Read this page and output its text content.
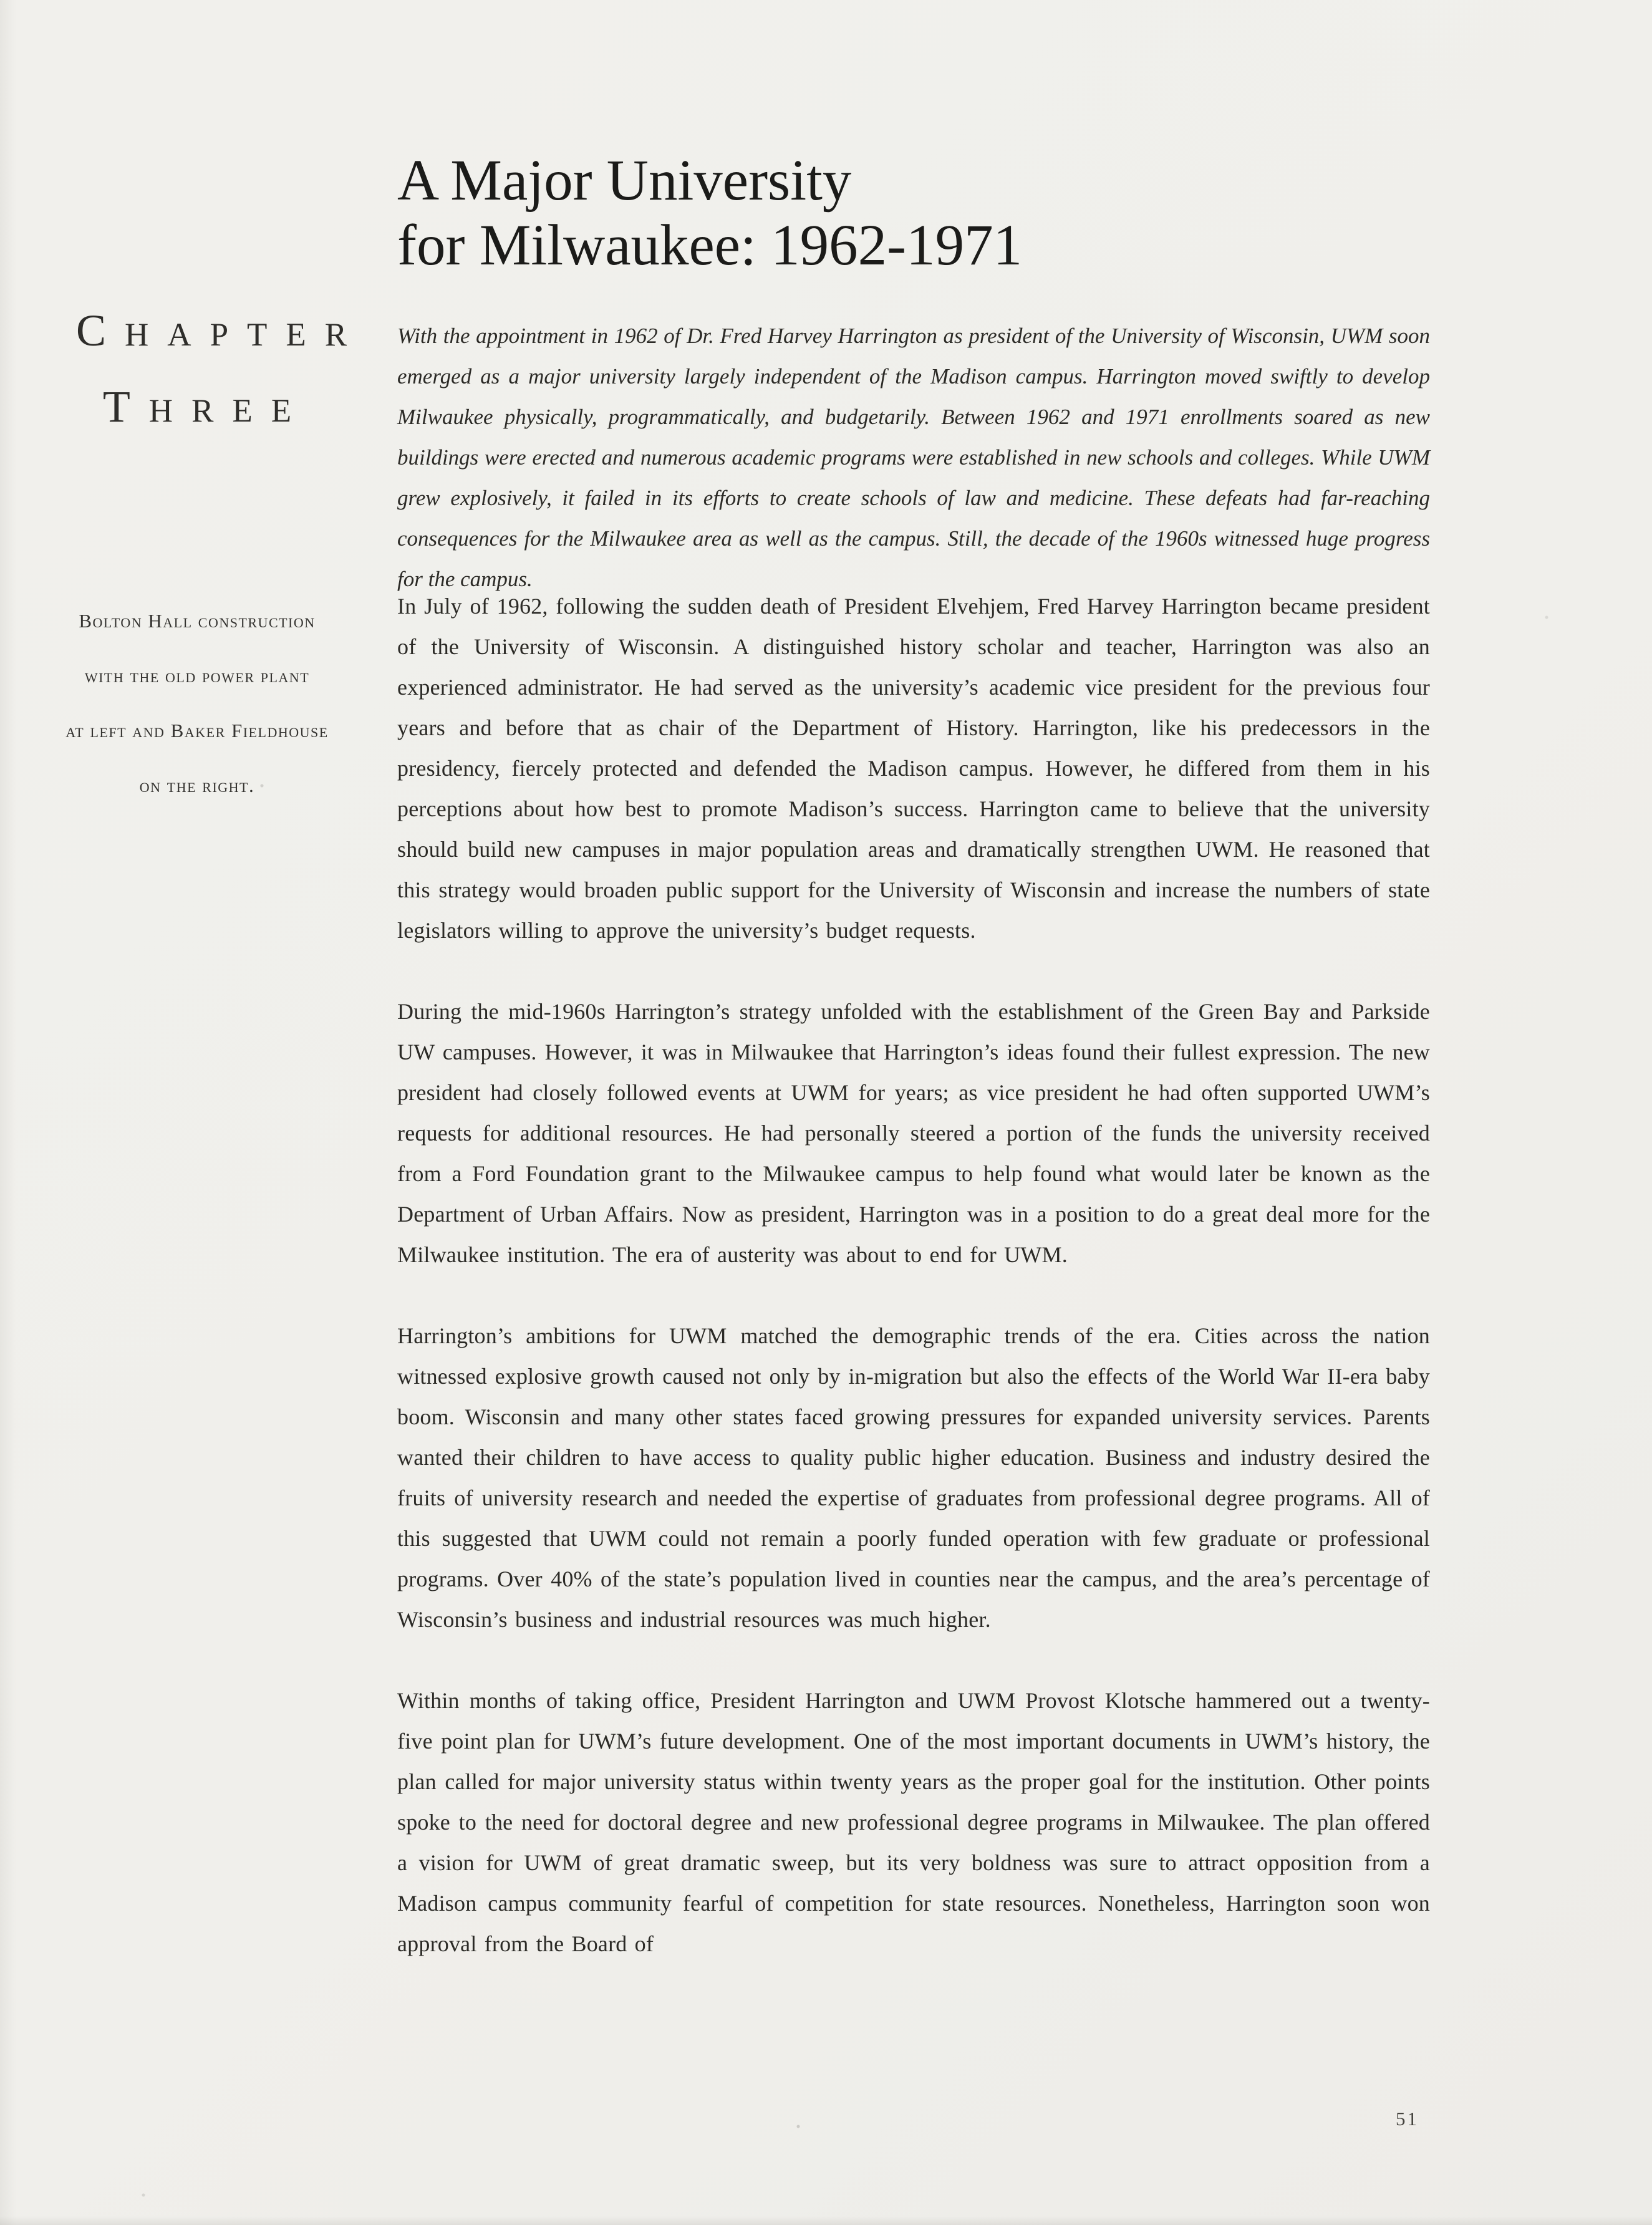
A Major University
for Milwaukee: 1962-1971
CHAPTER
THREE
Bolton Hall construction
with the old power plant
at left and Baker Fieldhouse
on the right.
With the appointment in 1962 of Dr. Fred Harvey Harrington as president of the University of Wisconsin, UWM soon emerged as a major university largely independent of the Madison campus. Harrington moved swiftly to develop Milwaukee physically, programmatically, and budgetarily. Between 1962 and 1971 enrollments soared as new buildings were erected and numerous academic programs were established in new schools and colleges. While UWM grew explosively, it failed in its efforts to create schools of law and medicine. These defeats had far-reaching consequences for the Milwaukee area as well as the campus. Still, the decade of the 1960s witnessed huge progress for the campus.

In July of 1962, following the sudden death of President Elvehjem, Fred Harvey Harrington became president of the University of Wisconsin. A distinguished history scholar and teacher, Harrington was also an experienced administrator. He had served as the university’s academic vice president for the previous four years and before that as chair of the Department of History. Harrington, like his predecessors in the presidency, fiercely protected and defended the Madison campus. However, he differed from them in his perceptions about how best to promote Madison’s success. Harrington came to believe that the university should build new campuses in major population areas and dramatically strengthen UWM. He reasoned that this strategy would broaden public support for the University of Wisconsin and increase the numbers of state legislators willing to approve the university’s budget requests.

During the mid-1960s Harrington’s strategy unfolded with the establishment of the Green Bay and Parkside UW campuses. However, it was in Milwaukee that Harrington’s ideas found their fullest expression. The new president had closely followed events at UWM for years; as vice president he had often supported UWM’s requests for additional resources. He had personally steered a portion of the funds the university received from a Ford Foundation grant to the Milwaukee campus to help found what would later be known as the Department of Urban Affairs. Now as president, Harrington was in a position to do a great deal more for the Milwaukee institution. The era of austerity was about to end for UWM.

Harrington’s ambitions for UWM matched the demographic trends of the era. Cities across the nation witnessed explosive growth caused not only by in-migration but also the effects of the World War II-era baby boom. Wisconsin and many other states faced growing pressures for expanded university services. Parents wanted their children to have access to quality public higher education. Business and industry desired the fruits of university research and needed the expertise of graduates from professional degree programs. All of this suggested that UWM could not remain a poorly funded operation with few graduate or professional programs. Over 40% of the state’s population lived in counties near the campus, and the area’s percentage of Wisconsin’s business and industrial resources was much higher.

Within months of taking office, President Harrington and UWM Provost Klotsche hammered out a twenty-five point plan for UWM’s future development. One of the most important documents in UWM’s history, the plan called for major university status within twenty years as the proper goal for the institution. Other points spoke to the need for doctoral degree and new professional degree programs in Milwaukee. The plan offered a vision for UWM of great dramatic sweep, but its very boldness was sure to attract opposition from a Madison campus community fearful of competition for state resources. Nonetheless, Harrington soon won approval from the Board of

51
